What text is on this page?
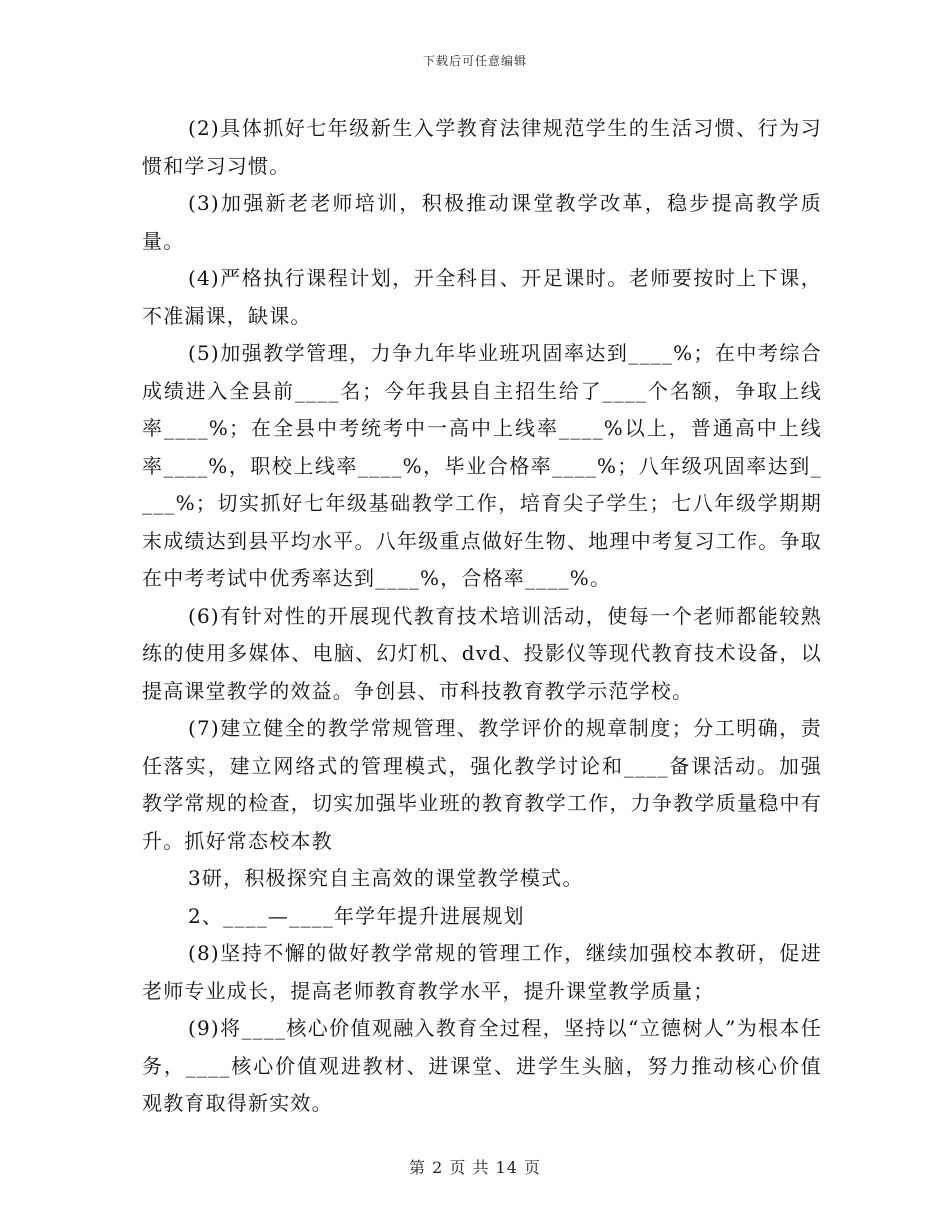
下载后可任意编辑

(2)具体抓好七年级新生入学教育法律规范学生的生活习惯、行为习惯和学习习惯。

(3)加强新老老师培训，积极推动课堂教学改革，稳步提高教学质量。

(4)严格执行课程计划，开全科目、开足课时。老师要按时上下课，不准漏课，缺课。

(5)加强教学管理，力争九年毕业班巩固率达到____%；在中考综合成绩进入全县前____名；今年我县自主招生给了____个名额，争取上线率____%；在全县中考统考中一高中上线率____%以上，普通高中上线率____%，职校上线率____%，毕业合格率____%；八年级巩固率达到____%；切实抓好七年级基础教学工作，培育尖子学生；七八年级学期期末成绩达到县平均水平。八年级重点做好生物、地理中考复习工作。争取在中考考试中优秀率达到____%，合格率____%。

(6)有针对性的开展现代教育技术培训活动，使每一个老师都能较熟练的使用多媒体、电脑、幻灯机、dvd、投影仪等现代教育技术设备，以提高课堂教学的效益。争创县、市科技教育教学示范学校。

(7)建立健全的教学常规管理、教学评价的规章制度；分工明确，责任落实，建立网络式的管理模式，强化教学讨论和____备课活动。加强教学常规的检查，切实加强毕业班的教育教学工作，力争教学质量稳中有升。抓好常态校本教

3研，积极探究自主高效的课堂教学模式。

2、____—____年学年提升进展规划

(8)坚持不懈的做好教学常规的管理工作，继续加强校本教研，促进老师专业成长，提高老师教育教学水平，提升课堂教学质量；

(9)将____核心价值观融入教育全过程，坚持以“立德树人”为根本任务，____核心价值观进教材、进课堂、进学生头脑，努力推动核心价值观教育取得新实效。

第 2 页 共 14 页
